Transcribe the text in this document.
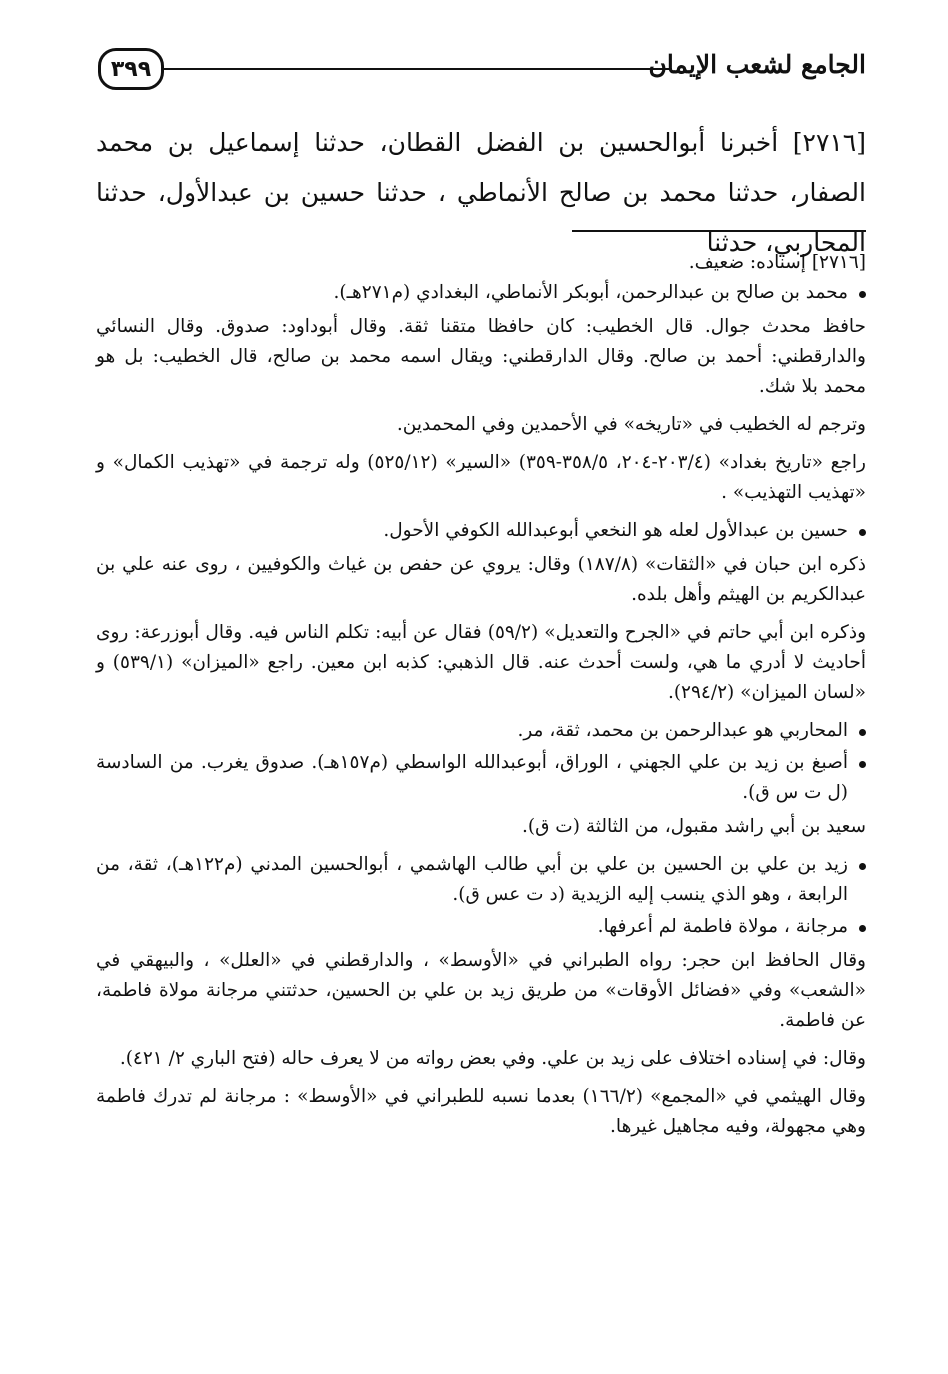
٣٩٩	الجامع لشعب الإيمان

[٢٧١٦] أخبرنا أبوالحسين بن الفضل القطان، حدثنا إسماعيل بن محمد الصفار، حدثنا محمد بن صالح الأنماطي ، حدثنا حسين بن عبدالأول، حدثنا المحاربي، حدثنا

[٢٧١٦] إسناده: ضعيف.

محمد بن صالح بن عبدالرحمن، أبوبكر الأنماطي، البغدادي (م٢٧١هـ).

حافظ محدث جوال. قال الخطيب: كان حافظا متقنا ثقة. وقال أبوداود: صدوق. وقال النسائي والدارقطني: أحمد بن صالح. وقال الدارقطني: ويقال اسمه محمد بن صالح، قال الخطيب: بل هو محمد بلا شك.

وترجم له الخطيب في «تاريخه» في الأحمدين وفي المحمدين.

راجع «تاريخ بغداد» (٢٠٣/٤-٢٠٤، ٣٥٨/٥-٣٥٩) «السير» (٥٢٥/١٢) وله ترجمة في «تهذيب الكمال» و «تهذيب التهذيب» .

حسين بن عبدالأول لعله هو النخعي أبوعبدالله الكوفي الأحول.

ذكره ابن حبان في «الثقات» (١٨٧/٨) وقال: يروي عن حفص بن غياث والكوفيين ، روى عنه علي بن عبدالكريم بن الهيثم وأهل بلده.

وذكره ابن أبي حاتم في «الجرح والتعديل» (٥٩/٢) فقال عن أبيه: تكلم الناس فيه. وقال أبوزرعة: روى أحاديث لا أدري ما هي، ولست أحدث عنه. قال الذهبي: كذبه ابن معين. راجع «الميزان» (٥٣٩/١) و «لسان الميزان» (٢٩٤/٢).

المحاربي هو عبدالرحمن بن محمد، ثقة، مر.

أصبغ بن زيد بن علي الجهني ، الوراق، أبوعبدالله الواسطي (م١٥٧هـ). صدوق يغرب. من السادسة (ل ت س ق).

سعيد بن أبي راشد مقبول، من الثالثة (ت ق).

زيد بن علي بن الحسين بن علي بن أبي طالب الهاشمي ، أبوالحسين المدني (م١٢٢هـ)، ثقة، من الرابعة ، وهو الذي ينسب إليه الزيدية (د ت عس ق).

مرجانة ، مولاة فاطمة لم أعرفها.

وقال الحافظ ابن حجر: رواه الطبراني في «الأوسط» ، والدارقطني في «العلل» ، والبيهقي في «الشعب» وفي «فضائل الأوقات» من طريق زيد بن علي بن الحسين، حدثتني مرجانة مولاة فاطمة، عن فاطمة.

وقال: في إسناده اختلاف على زيد بن علي. وفي بعض رواته من لا يعرف حاله (فتح الباري ٢/ ٤٢١).

وقال الهيثمي في «المجمع» (١٦٦/٢) بعدما نسبه للطبراني في «الأوسط» : مرجانة لم تدرك فاطمة وهي مجهولة، وفيه مجاهيل غيرها.
